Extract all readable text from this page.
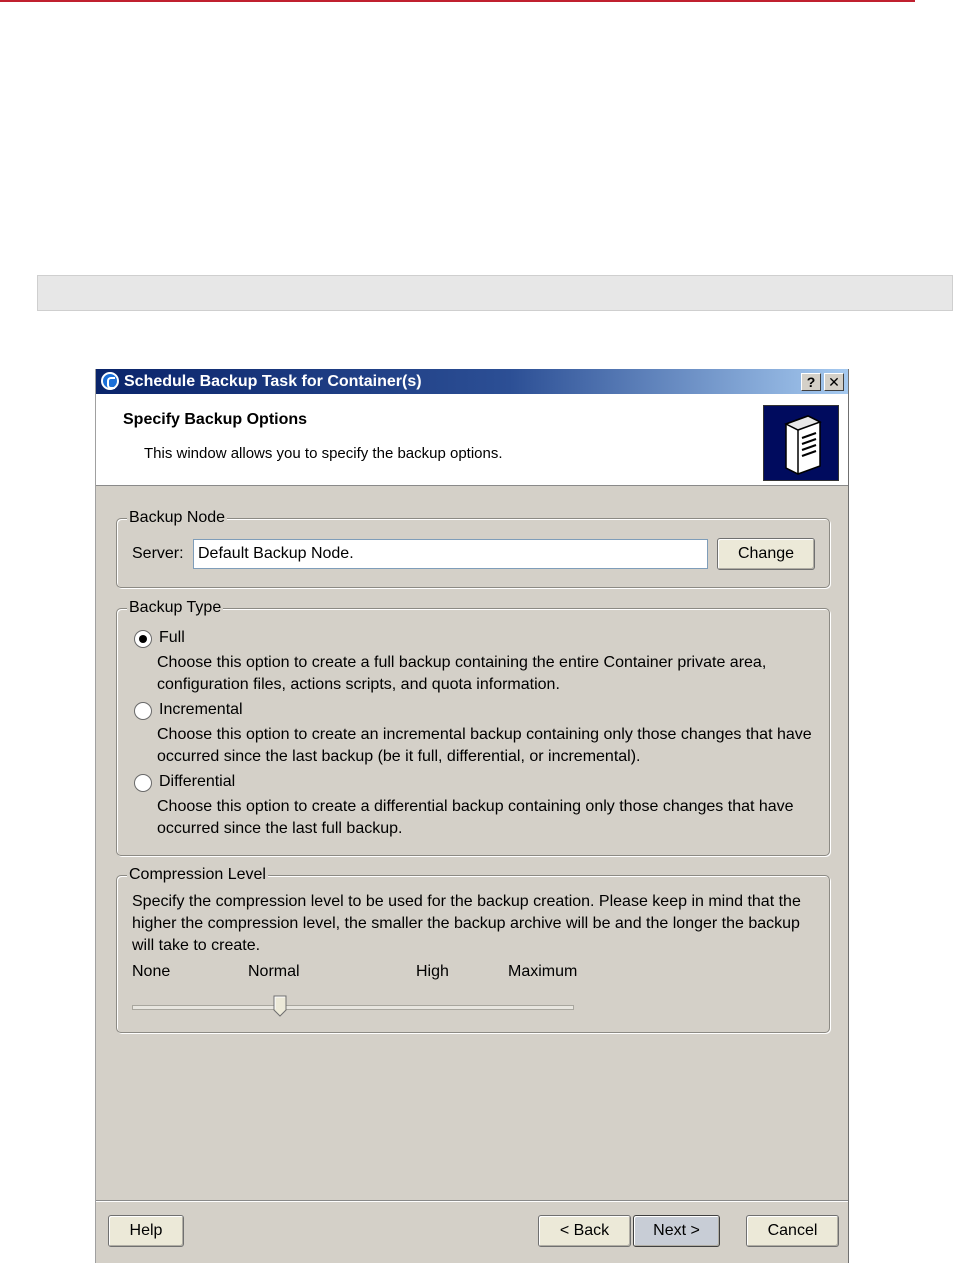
Schedule Backup Task for Container(s)	? ✕
Specify Backup Options
This window allows you to specify the backup options.
Backup Node
Server: Default Backup Node.	Change
Backup Type
Full
Choose this option to create a full backup containing the entire Container private area,
configuration files, actions scripts, and quota information.
Incremental
Choose this option to create an incremental backup containing only those changes that have
occurred since the last backup (be it full, differential, or incremental).
Differential
Choose this option to create a differential backup containing only those changes that have
occurred since the last full backup.
Compression Level
Specify the compression level to be used for the backup creation. Please keep in mind that the
higher the compression level, the smaller the backup archive will be and the longer the backup
will take to create.
None	Normal	High	Maximum
Help	< Back	Next >	Cancel
